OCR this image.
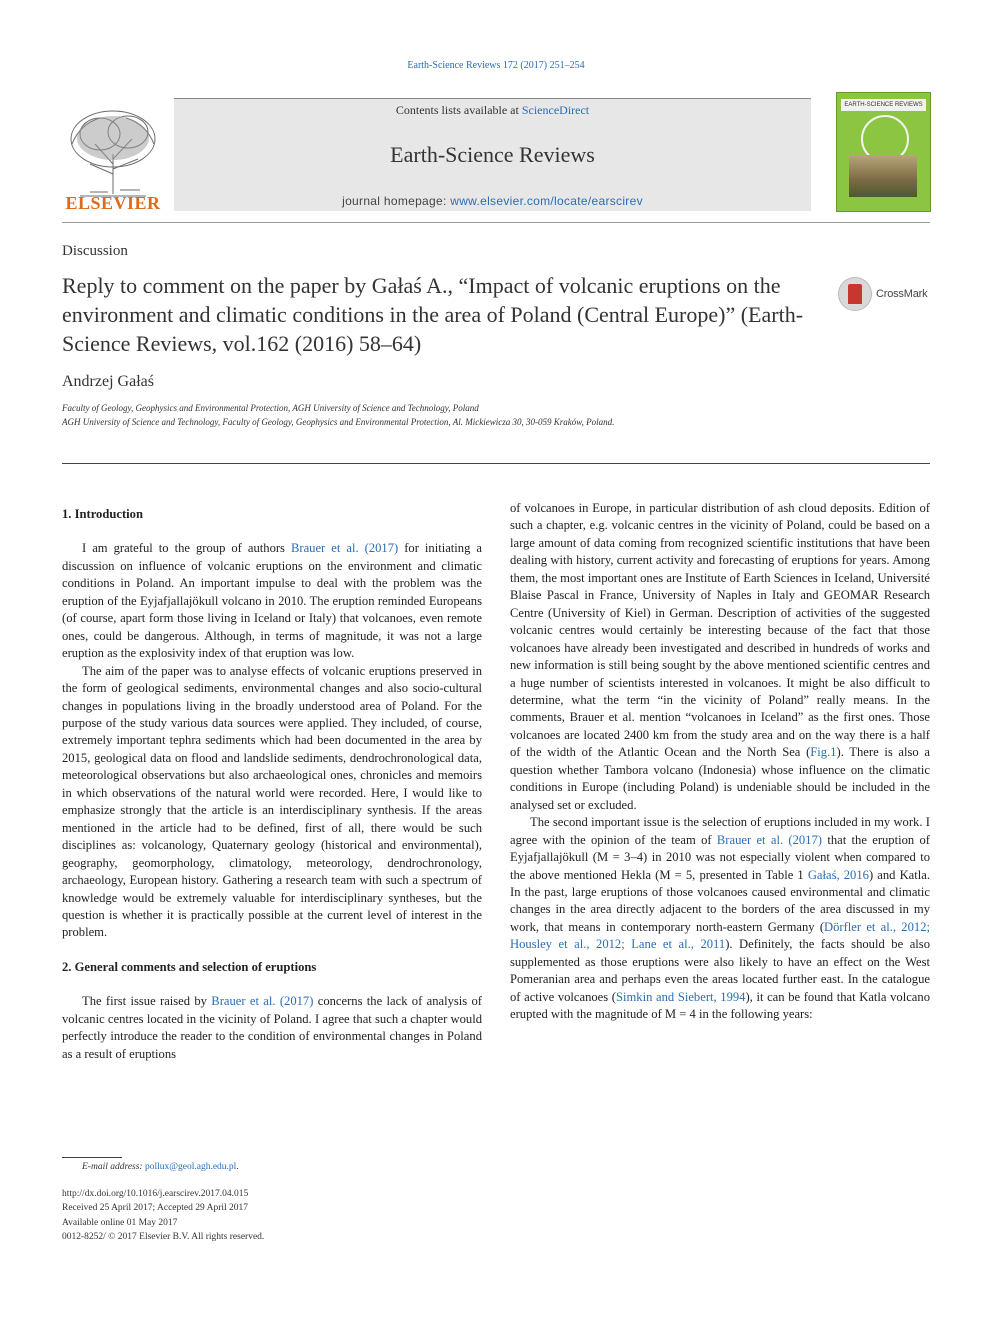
Earth-Science Reviews 172 (2017) 251–254
ELSEVIER
Contents lists available at ScienceDirect
Earth-Science Reviews
journal homepage: www.elsevier.com/locate/earscirev
EARTH-SCIENCE REVIEWS
Discussion
Reply to comment on the paper by Gałaś A., “Impact of volcanic eruptions on the environment and climatic conditions in the area of Poland (Central Europe)” (Earth-Science Reviews, vol.162 (2016) 58–64)
CrossMark
Andrzej Gałaś
Faculty of Geology, Geophysics and Environmental Protection, AGH University of Science and Technology, Poland
AGH University of Science and Technology, Faculty of Geology, Geophysics and Environmental Protection, Al. Mickiewicza 30, 30-059 Kraków, Poland.
1. Introduction

I am grateful to the group of authors Brauer et al. (2017) for initiating a discussion on influence of volcanic eruptions on the environment and climatic conditions in Poland. An important impulse to deal with the problem was the eruption of the Eyjafjallajökull volcano in 2010. The eruption reminded Europeans (of course, apart form those living in Iceland or Italy) that volcanoes, even remote ones, could be dangerous. Although, in terms of magnitude, it was not a large eruption as the explosivity index of that eruption was low.

The aim of the paper was to analyse effects of volcanic eruptions preserved in the form of geological sediments, environmental changes and also socio-cultural changes in populations living in the broadly understood area of Poland. For the purpose of the study various data sources were applied. They included, of course, extremely important tephra sediments which had been documented in the area by 2015, geological data on flood and landslide sediments, dendrochronological data, meteorological observations but also archaeological ones, chronicles and memoirs in which observations of the natural world were recorded. Here, I would like to emphasize strongly that the article is an interdisciplinary synthesis. If the areas mentioned in the article had to be defined, first of all, there would be such disciplines as: volcanology, Quaternary geology (historical and environmental), geography, geomorphology, climatology, meteorology, dendrochronology, archaeology, European history. Gathering a research team with such a spectrum of knowledge would be extremely valuable for interdisciplinary syntheses, but the question is whether it is practically possible at the current level of interest in the problem.

2. General comments and selection of eruptions

The first issue raised by Brauer et al. (2017) concerns the lack of analysis of volcanic centres located in the vicinity of Poland. I agree that such a chapter would perfectly introduce the reader to the condition of environmental changes in Poland as a result of eruptions

of volcanoes in Europe, in particular distribution of ash cloud deposits. Edition of such a chapter, e.g. volcanic centres in the vicinity of Poland, could be based on a large amount of data coming from recognized scientific institutions that have been dealing with history, current activity and forecasting of eruptions for years. Among them, the most important ones are Institute of Earth Sciences in Iceland, Université Blaise Pascal in France, University of Naples in Italy and GEOMAR Research Centre (University of Kiel) in German. Description of activities of the suggested volcanic centres would certainly be interesting because of the fact that those volcanoes have already been investigated and described in hundreds of works and new information is still being sought by the above mentioned scientific centres and a huge number of scientists interested in volcanoes. It might be also difficult to determine, what the term “in the vicinity of Poland” really means. In the comments, Brauer et al. mention “volcanoes in Iceland” as the first ones. Those volcanoes are located 2400 km from the study area and on the way there is a half of the width of the Atlantic Ocean and the North Sea (Fig.1). There is also a question whether Tambora volcano (Indonesia) whose influence on the climatic conditions in Europe (including Poland) is undeniable should be included in the analysed set or excluded.

The second important issue is the selection of eruptions included in my work. I agree with the opinion of the team of Brauer et al. (2017) that the eruption of Eyjafjallajökull (M = 3–4) in 2010 was not especially violent when compared to the above mentioned Hekla (M = 5, presented in Table 1 Gałaś, 2016) and Katla. In the past, large eruptions of those volcanoes caused environmental and climatic changes in the area directly adjacent to the borders of the area discussed in my work, that means in contemporary north-eastern Germany (Dörfler et al., 2012; Housley et al., 2012; Lane et al., 2011). Definitely, the facts should be also supplemented as those eruptions were also likely to have an effect on the West Pomeranian area and perhaps even the areas located further east. In the catalogue of active volcanoes (Simkin and Siebert, 1994), it can be found that Katla volcano erupted with the magnitude of M = 4 in the following years:

E-mail address: pollux@geol.agh.edu.pl.
http://dx.doi.org/10.1016/j.earscirev.2017.04.015
Received 25 April 2017; Accepted 29 April 2017
Available online 01 May 2017
0012-8252/ © 2017 Elsevier B.V. All rights reserved.
